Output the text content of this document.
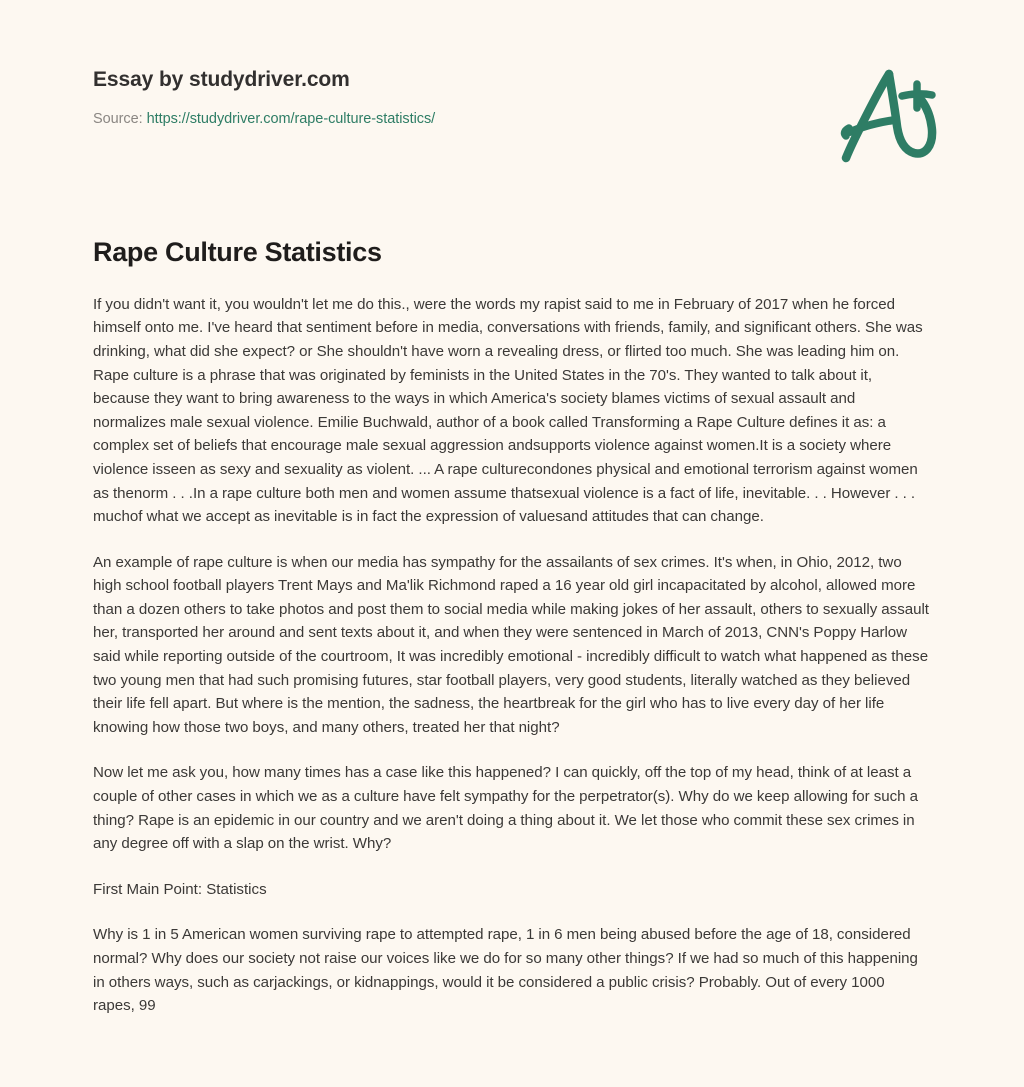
Essay by studydriver.com
Source: https://studydriver.com/rape-culture-statistics/
Rape Culture Statistics

If you didn't want it, you wouldn't let me do this., were the words my rapist said to me in February of 2017 when he forced himself onto me. I've heard that sentiment before in media, conversations with friends, family, and significant others. She was drinking, what did she expect? or She shouldn't have worn a revealing dress, or flirted too much. She was leading him on. Rape culture is a phrase that was originated by feminists in the United States in the 70's. They wanted to talk about it, because they want to bring awareness to the ways in which America's society blames victims of sexual assault and normalizes male sexual violence. Emilie Buchwald, author of a book called Transforming a Rape Culture defines it as: a complex set of beliefs that encourage male sexual aggression andsupports violence against women.It is a society where violence isseen as sexy and sexuality as violent. ... A rape culturecondones physical and emotional terrorism against women as thenorm . . .In a rape culture both men and women assume thatsexual violence is a fact of life, inevitable. . . However . . . muchof what we accept as inevitable is in fact the expression of valuesand attitudes that can change.

An example of rape culture is when our media has sympathy for the assailants of sex crimes. It's when, in Ohio, 2012, two high school football players Trent Mays and Ma'lik Richmond raped a 16 year old girl incapacitated by alcohol, allowed more than a dozen others to take photos and post them to social media while making jokes of her assault, others to sexually assault her, transported her around and sent texts about it, and when they were sentenced in March of 2013, CNN's Poppy Harlow said while reporting outside of the courtroom, It was incredibly emotional - incredibly difficult to watch what happened as these two young men that had such promising futures, star football players, very good students, literally watched as they believed their life fell apart. But where is the mention, the sadness, the heartbreak for the girl who has to live every day of her life knowing how those two boys, and many others, treated her that night?

Now let me ask you, how many times has a case like this happened? I can quickly, off the top of my head, think of at least a couple of other cases in which we as a culture have felt sympathy for the perpetrator(s). Why do we keep allowing for such a thing? Rape is an epidemic in our country and we aren't doing a thing about it. We let those who commit these sex crimes in any degree off with a slap on the wrist. Why?

First Main Point: Statistics

Why is 1 in 5 American women surviving rape to attempted rape, 1 in 6 men being abused before the age of 18, considered normal? Why does our society not raise our voices like we do for so many other things? If we had so much of this happening in others ways, such as carjackings, or kidnappings, would it be considered a public crisis? Probably. Out of every 1000 rapes, 99
